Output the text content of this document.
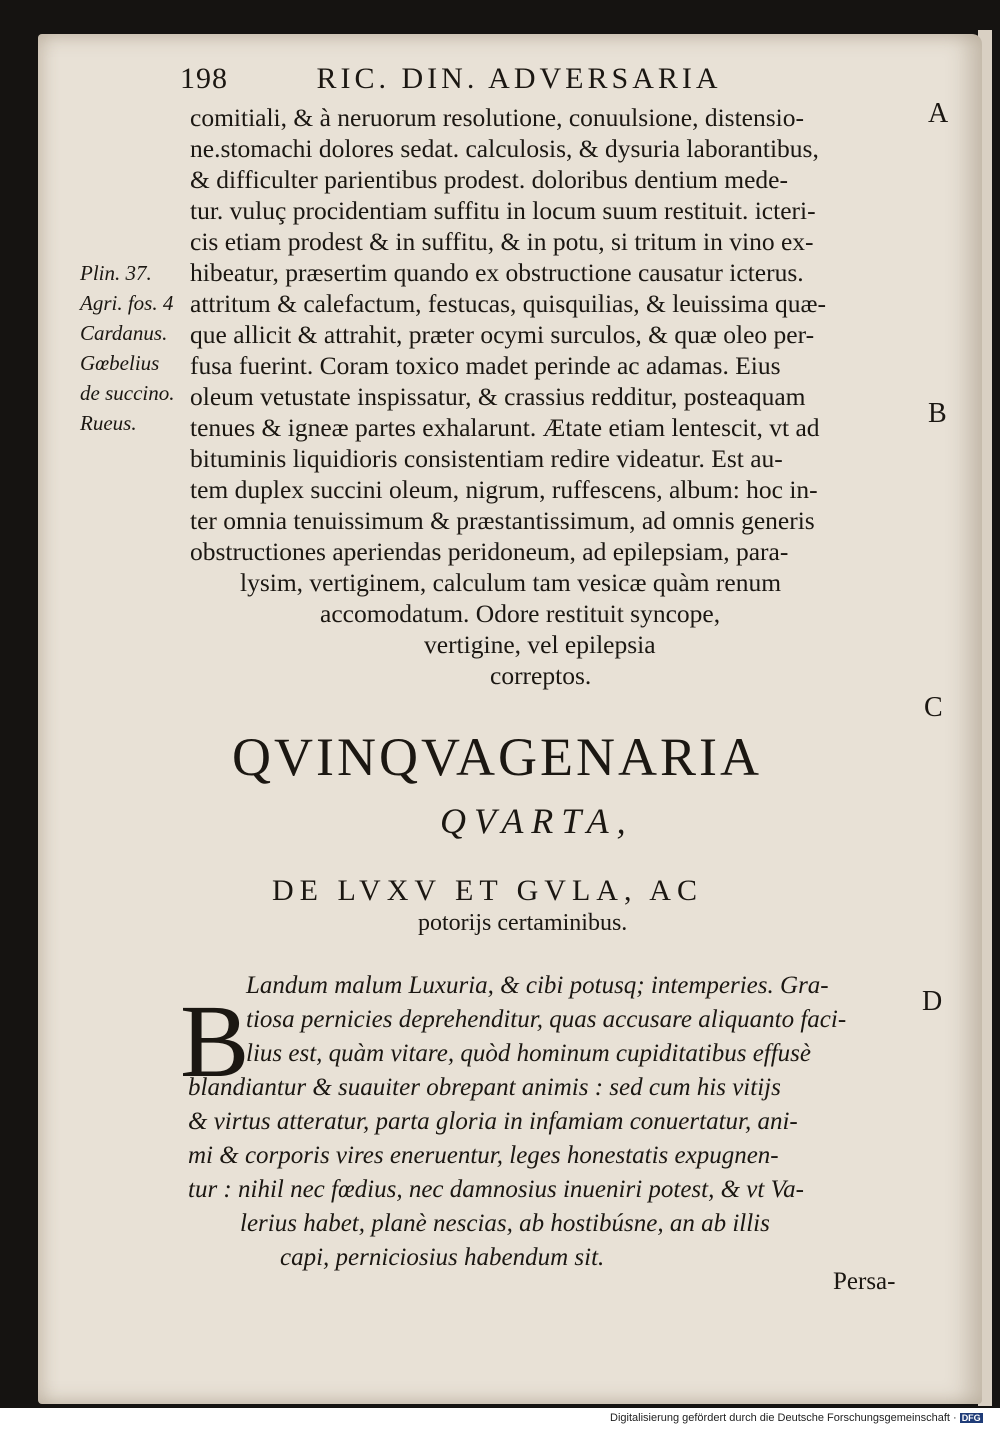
198	RIC. DIN. ADVERSARIA
comitiali, & à neruorum resolutione, conuulsione, distensio-
ne.stomachi dolores sedat. calculosis, & dysuria laborantibus,
& difficulter parientibus prodest. doloribus dentium mede-
tur. vuluç procidentiam suffitu in locum suum restituit. icteri-
cis etiam prodest & in suffitu, & in potu, si tritum in vino ex-
hibeatur, præsertim quando ex obstructione causatur icterus.
attritum & calefactum, festucas, quisquilias, & leuissima quæ-
que allicit & attrahit, præter ocymi surculos, & quæ oleo per-
fusa fuerint. Coram toxico madet perinde ac adamas. Eius
oleum vetustate inspissatur, & crassius redditur, posteaquam
tenues & igneæ partes exhalarunt. Ætate etiam lentescit, vt ad
bituminis liquidioris consistentiam redire videatur. Est au-
tem duplex succini oleum, nigrum, ruffescens, album: hoc in-
ter omnia tenuissimum & præstantissimum, ad omnis generis
obstructiones aperiendas peridoneum, ad epilepsiam, para-
lysim, vertiginem, calculum tam vesicæ quàm renum
accomodatum. Odore restituit syncope,
vertigine, vel epilepsia
correptos.
Plin. 37.
Agri. fos. 4
Cardanus.
Gœbelius
de succino.
Rueus.
A
B
C
D
QVINQVAGENARIA
QVARTA,
DE LVXV ET GVLA, AC
potorijs certaminibus.
B
Landum malum Luxuria, & cibi potusq; intemperies. Gra-
tiosa pernicies deprehenditur, quas accusare aliquanto faci-
lius est, quàm vitare, quòd hominum cupiditatibus effusè
blandiantur & suauiter obrepant animis : sed cum his vitijs
& virtus atteratur, parta gloria in infamiam conuertatur, ani-
mi & corporis vires eneruentur, leges honestatis expugnen-
tur : nihil nec fœdius, nec damnosius inueniri potest, & vt Va-
lerius habet, planè nescias, ab hostibúsne, an ab illis
capi, perniciosius habendum sit.
Persa-
Digitalisierung gefördert durch die Deutsche Forschungsgemeinschaft · DFG
